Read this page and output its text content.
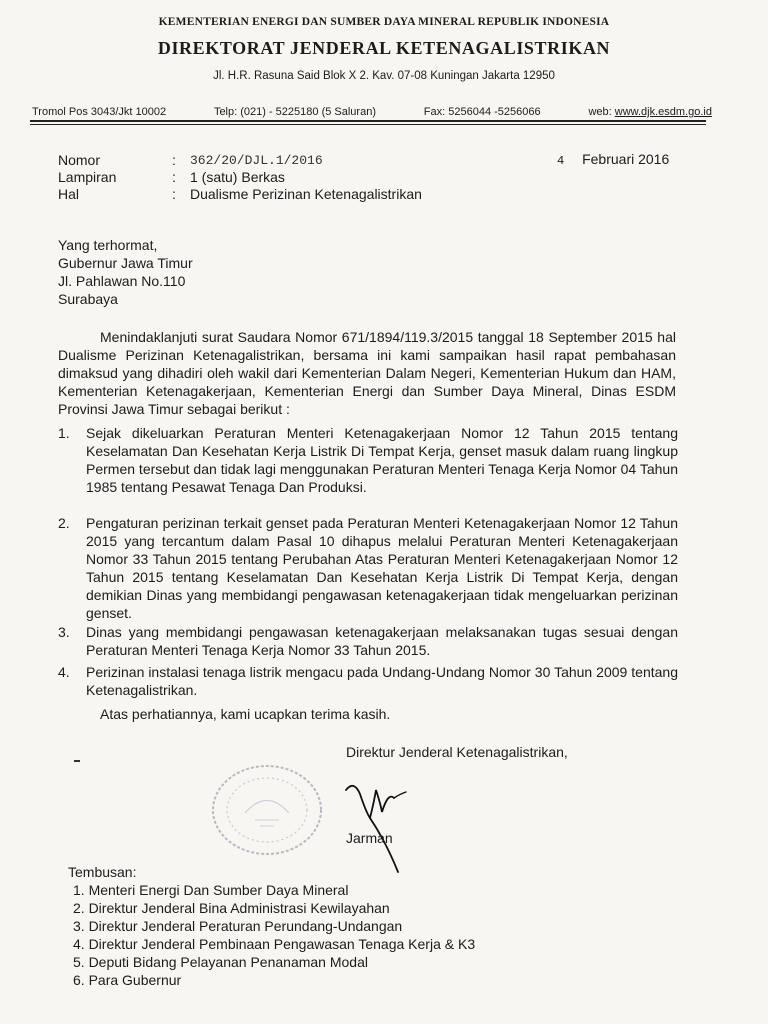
KEMENTERIAN ENERGI DAN SUMBER DAYA MINERAL REPUBLIK INDONESIA
DIREKTORAT JENDERAL KETENAGALISTRIKAN
Jl. H.R. Rasuna Said Blok X 2. Kav. 07-08 Kuningan Jakarta 12950
Tromol Pos 3043/Jkt 10002	Telp: (021) - 5225180 (5 Saluran)	Fax: 5256044 -5256066	web: www.djk.esdm.go.id
Nomor	: 362/20/DJL.1/2016
Lampiran	: 1 (satu) Berkas
Hal	: Dualisme Perizinan Ketenagalistrikan
4 Februari 2016
Yang terhormat,
Gubernur Jawa Timur
Jl. Pahlawan No.110
Surabaya
Menindaklanjuti surat Saudara Nomor 671/1894/119.3/2015 tanggal 18 September 2015 hal Dualisme Perizinan Ketenagalistrikan, bersama ini kami sampaikan hasil rapat pembahasan dimaksud yang dihadiri oleh wakil dari Kementerian Dalam Negeri, Kementerian Hukum dan HAM, Kementerian Ketenagakerjaan, Kementerian Energi dan Sumber Daya Mineral, Dinas ESDM Provinsi Jawa Timur sebagai berikut :
1.	Sejak dikeluarkan Peraturan Menteri Ketenagakerjaan Nomor 12 Tahun 2015 tentang Keselamatan Dan Kesehatan Kerja Listrik Di Tempat Kerja, genset masuk dalam ruang lingkup Permen tersebut dan tidak lagi menggunakan Peraturan Menteri Tenaga Kerja Nomor 04 Tahun 1985 tentang Pesawat Tenaga Dan Produksi.
2.	Pengaturan perizinan terkait genset pada Peraturan Menteri Ketenagakerjaan Nomor 12 Tahun 2015 yang tercantum dalam Pasal 10 dihapus melalui Peraturan Menteri Ketenagakerjaan Nomor 33 Tahun 2015 tentang Perubahan Atas Peraturan Menteri Ketenagakerjaan Nomor 12 Tahun 2015 tentang Keselamatan Dan Kesehatan Kerja Listrik Di Tempat Kerja, dengan demikian Dinas yang membidangi pengawasan ketenagakerjaan tidak mengeluarkan perizinan genset.
3.	Dinas yang membidangi pengawasan ketenagakerjaan melaksanakan tugas sesuai dengan Peraturan Menteri Tenaga Kerja Nomor 33 Tahun 2015.
4.	Perizinan instalasi tenaga listrik mengacu pada Undang-Undang Nomor 30 Tahun 2009 tentang Ketenagalistrikan.
Atas perhatiannya, kami ucapkan terima kasih.
Direktur Jenderal Ketenagalistrikan,
Jarman
Tembusan:
1. Menteri Energi Dan Sumber Daya Mineral
2. Direktur Jenderal Bina Administrasi Kewilayahan
3. Direktur Jenderal Peraturan Perundang-Undangan
4. Direktur Jenderal Pembinaan Pengawasan Tenaga Kerja & K3
5. Deputi Bidang Pelayanan Penanaman Modal
6. Para Gubernur
